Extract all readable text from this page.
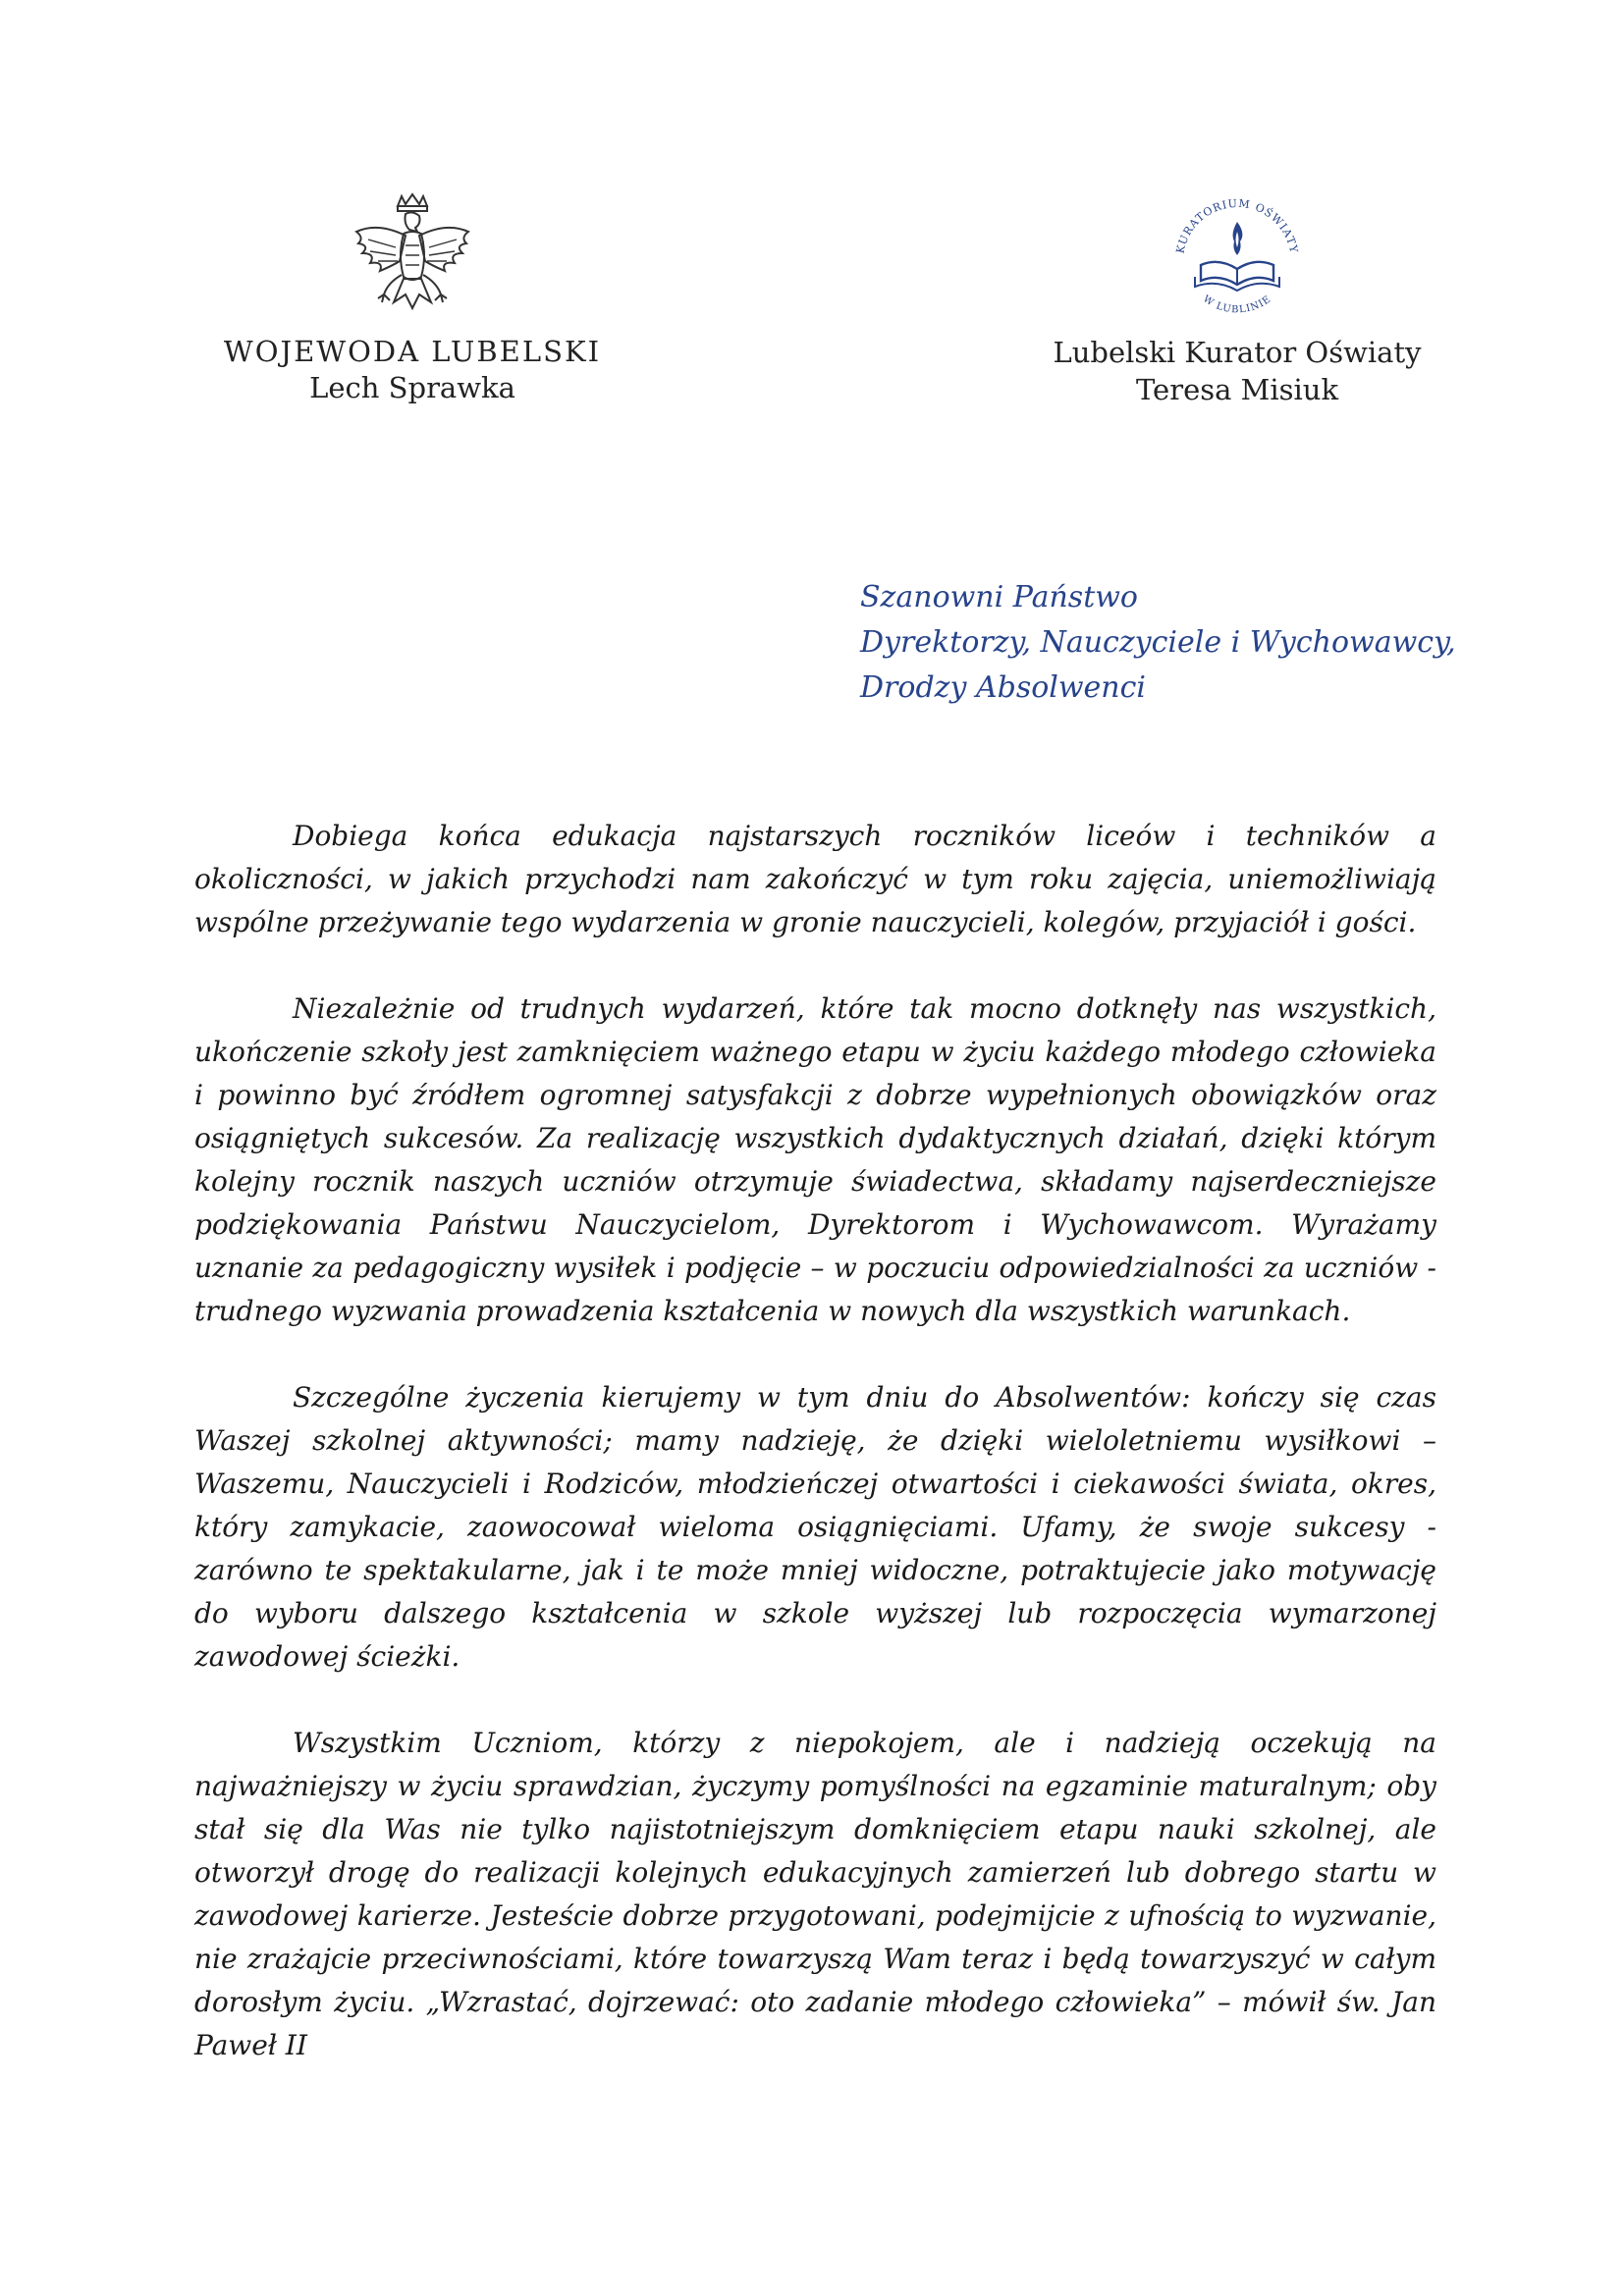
WOJEWODA LUBELSKI
Lech Sprawka
KURATORIUM OŚWIATY
W LUBLINIE
Lubelski Kurator Oświaty
Teresa Misiuk
Szanowni Państwo
Dyrektorzy, Nauczyciele i Wychowawcy,
Drodzy Absolwenci

Dobiega końca edukacja najstarszych roczników liceów i techników a okoliczności, w jakich przychodzi nam zakończyć w tym roku zajęcia, uniemożliwiają wspólne przeżywanie tego wydarzenia w gronie nauczycieli, kolegów, przyjaciół i gości.

Niezależnie od trudnych wydarzeń, które tak mocno dotknęły nas wszystkich, ukończenie szkoły jest zamknięciem ważnego etapu w życiu każdego młodego człowieka i powinno być źródłem ogromnej satysfakcji z dobrze wypełnionych obowiązków oraz osiągniętych sukcesów. Za realizację wszystkich dydaktycznych działań, dzięki którym kolejny rocznik naszych uczniów otrzymuje świadectwa, składamy najserdeczniejsze podziękowania Państwu Nauczycielom, Dyrektorom i Wychowawcom. Wyrażamy uznanie za pedagogiczny wysiłek i podjęcie – w poczuciu odpowiedzialności za uczniów - trudnego wyzwania prowadzenia kształcenia w nowych dla wszystkich warunkach.

Szczególne życzenia kierujemy w tym dniu do Absolwentów: kończy się czas Waszej szkolnej aktywności; mamy nadzieję, że dzięki wieloletniemu wysiłkowi – Waszemu, Nauczycieli i Rodziców, młodzieńczej otwartości i ciekawości świata, okres, który zamykacie, zaowocował wieloma osiągnięciami. Ufamy, że swoje sukcesy - zarówno te spektakularne, jak i te może mniej widoczne, potraktujecie jako motywację do wyboru dalszego kształcenia w szkole wyższej lub rozpoczęcia wymarzonej zawodowej ścieżki.

Wszystkim Uczniom, którzy z niepokojem, ale i nadzieją oczekują na najważniejszy w życiu sprawdzian, życzymy pomyślności na egzaminie maturalnym; oby stał się dla Was nie tylko najistotniejszym domknięciem etapu nauki szkolnej, ale otworzył drogę do realizacji kolejnych edukacyjnych zamierzeń lub dobrego startu w zawodowej karierze. Jesteście dobrze przygotowani, podejmijcie z ufnością to wyzwanie, nie zrażajcie przeciwnościami, które towarzyszą Wam teraz i będą towarzyszyć w całym dorosłym życiu. „Wzrastać, dojrzewać: oto zadanie młodego człowieka” – mówił św. Jan Paweł II
